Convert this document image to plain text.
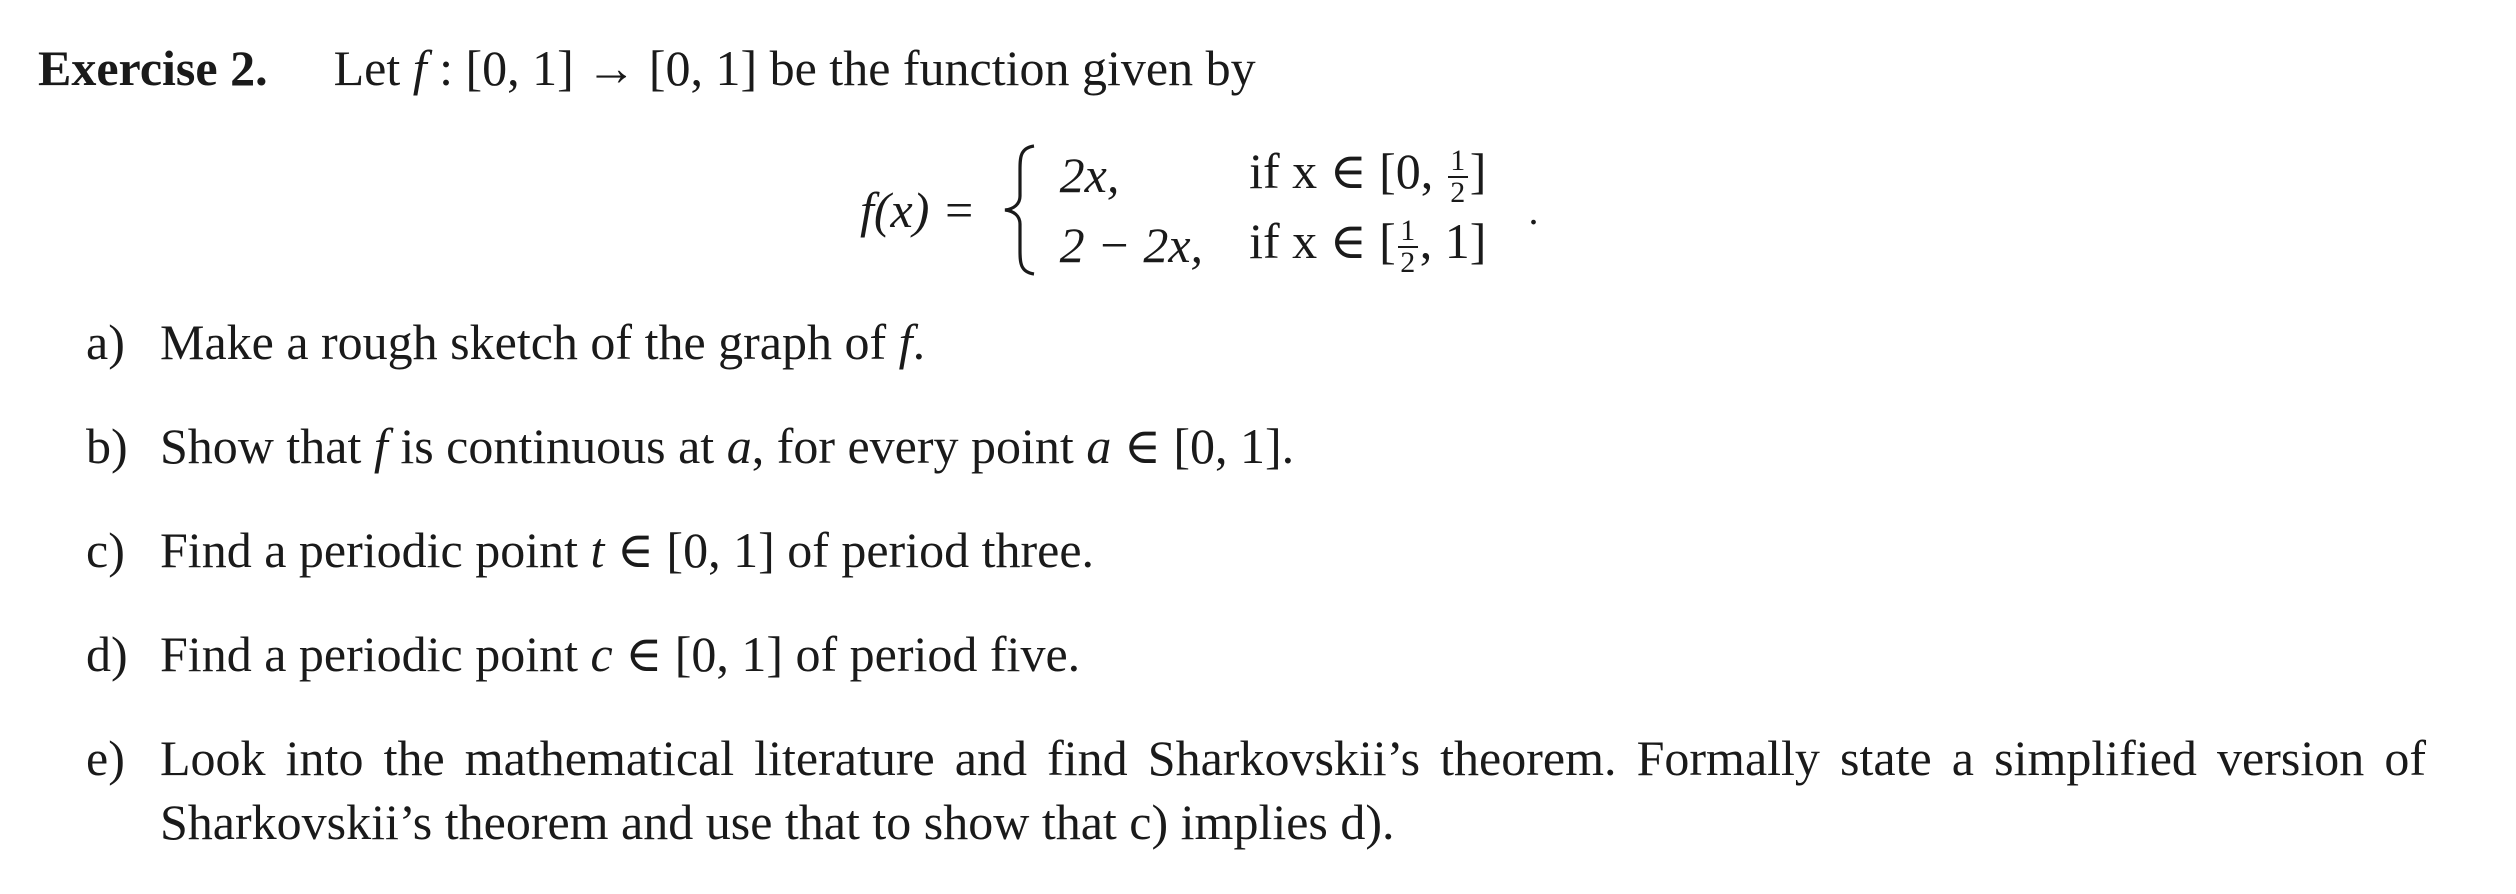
Exercise 2. Let f : [0, 1] → [0, 1] be the function given by
f(x) =
2x,	if x ∈ [0, $\frac{1}{2}$ ]
2 − 2x, if x ∈ [ $\frac{1}{2}$ , 1]
.
a) Make a rough sketch of the graph of f.
b) Show that f is continuous at a, for every point a ∈ [0, 1].
c) Find a periodic point t ∈ [0, 1] of period three.
d) Find a periodic point c ∈ [0, 1] of period five.
e) Look into the mathematical literature and find Sharkovskii’s theorem. Formally state a simplified version of Sharkovskii’s theorem and use that to show that c) implies d).
